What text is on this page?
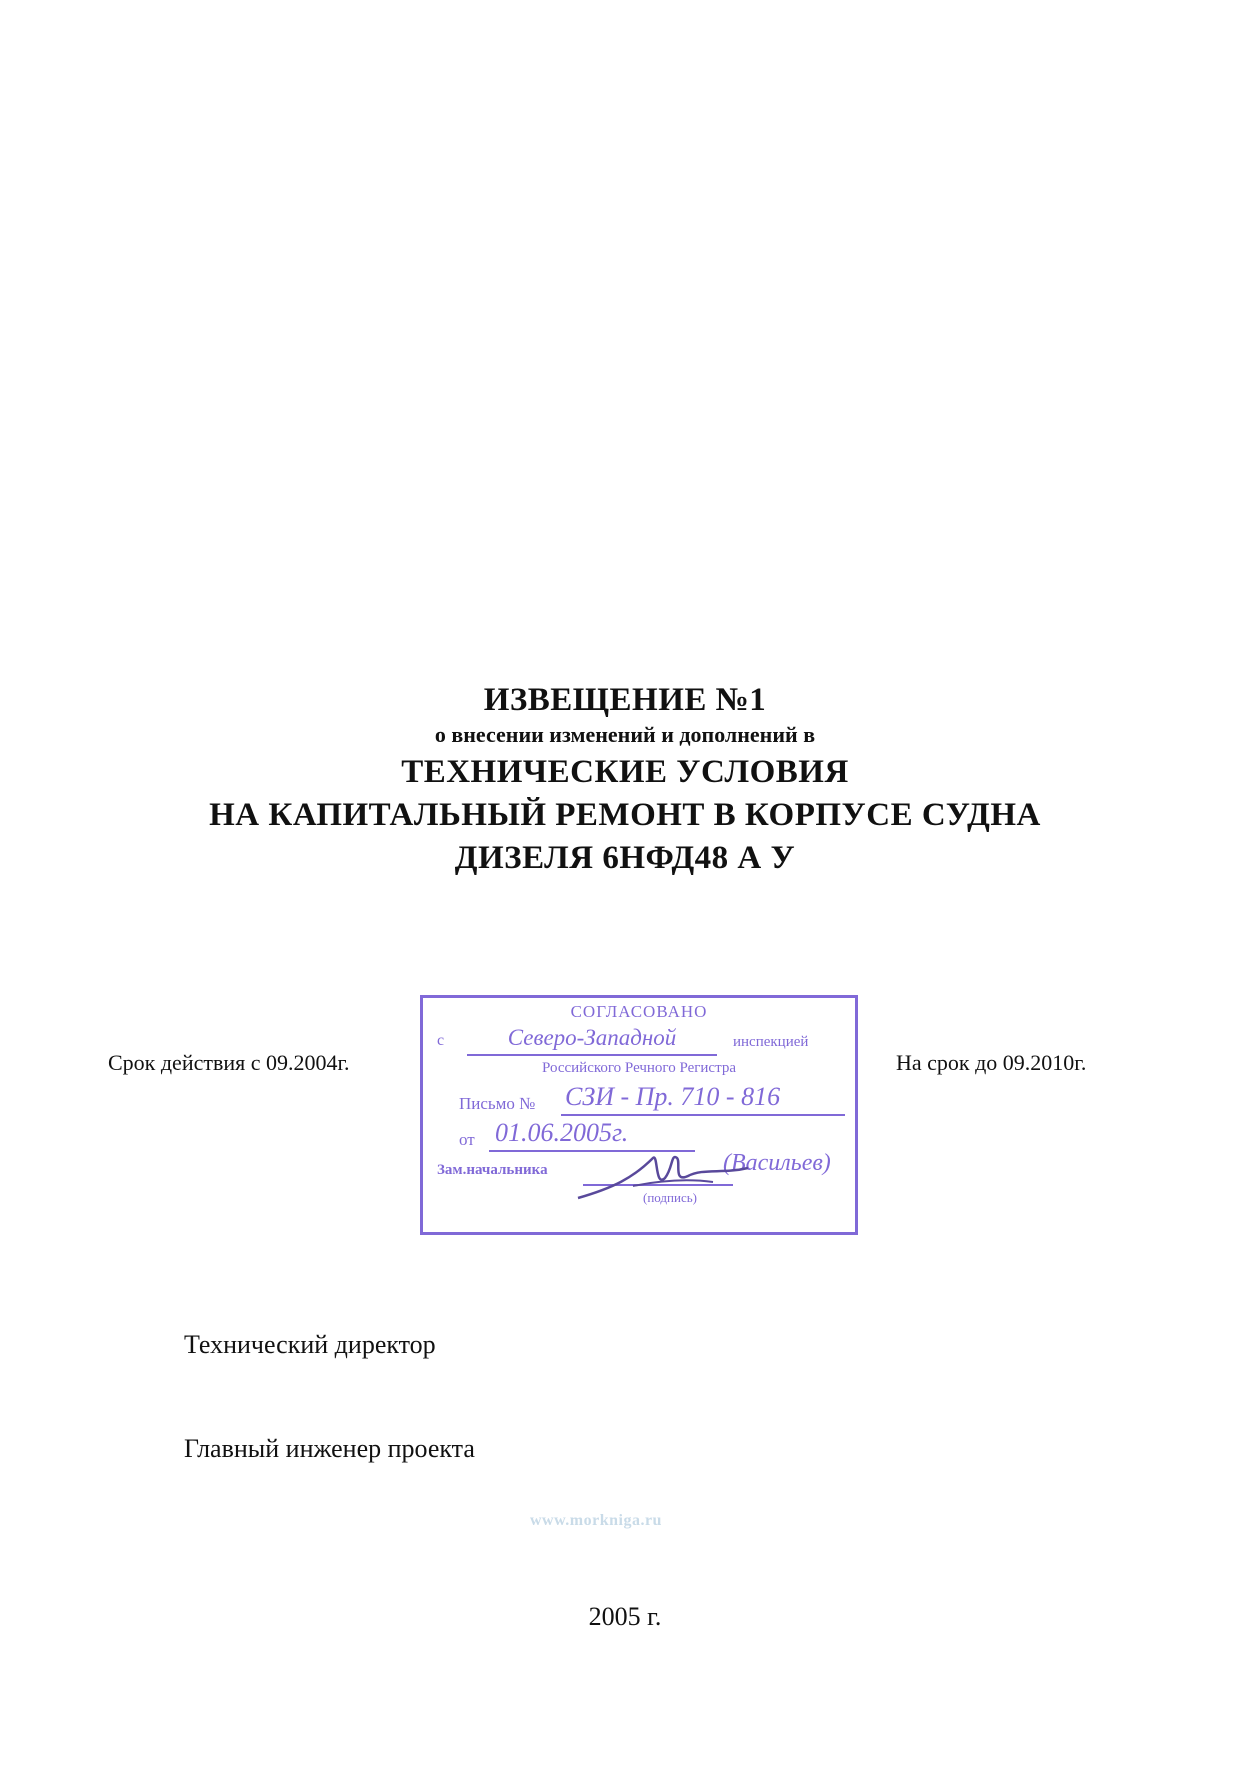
ИЗВЕЩЕНИЕ №1
о внесении изменений и дополнений в
ТЕХНИЧЕСКИЕ УСЛОВИЯ
НА КАПИТАЛЬНЫЙ РЕМОНТ В КОРПУСЕ СУДНА
ДИЗЕЛЯ 6НФД48 А У
Срок действия с 09.2004г.	На срок до 09.2010г.
СОГЛАСОВАНО
с	Северо-Западной	инспекцией
Российского Речного Регистра
Письмо № СЗИ - Пр. 710 - 816
от 01.06.2005г.
Зам.начальника
(подпись)
(Васильев)
Технический директор
Главный инженер проекта
www.morkniga.ru
2005 г.
